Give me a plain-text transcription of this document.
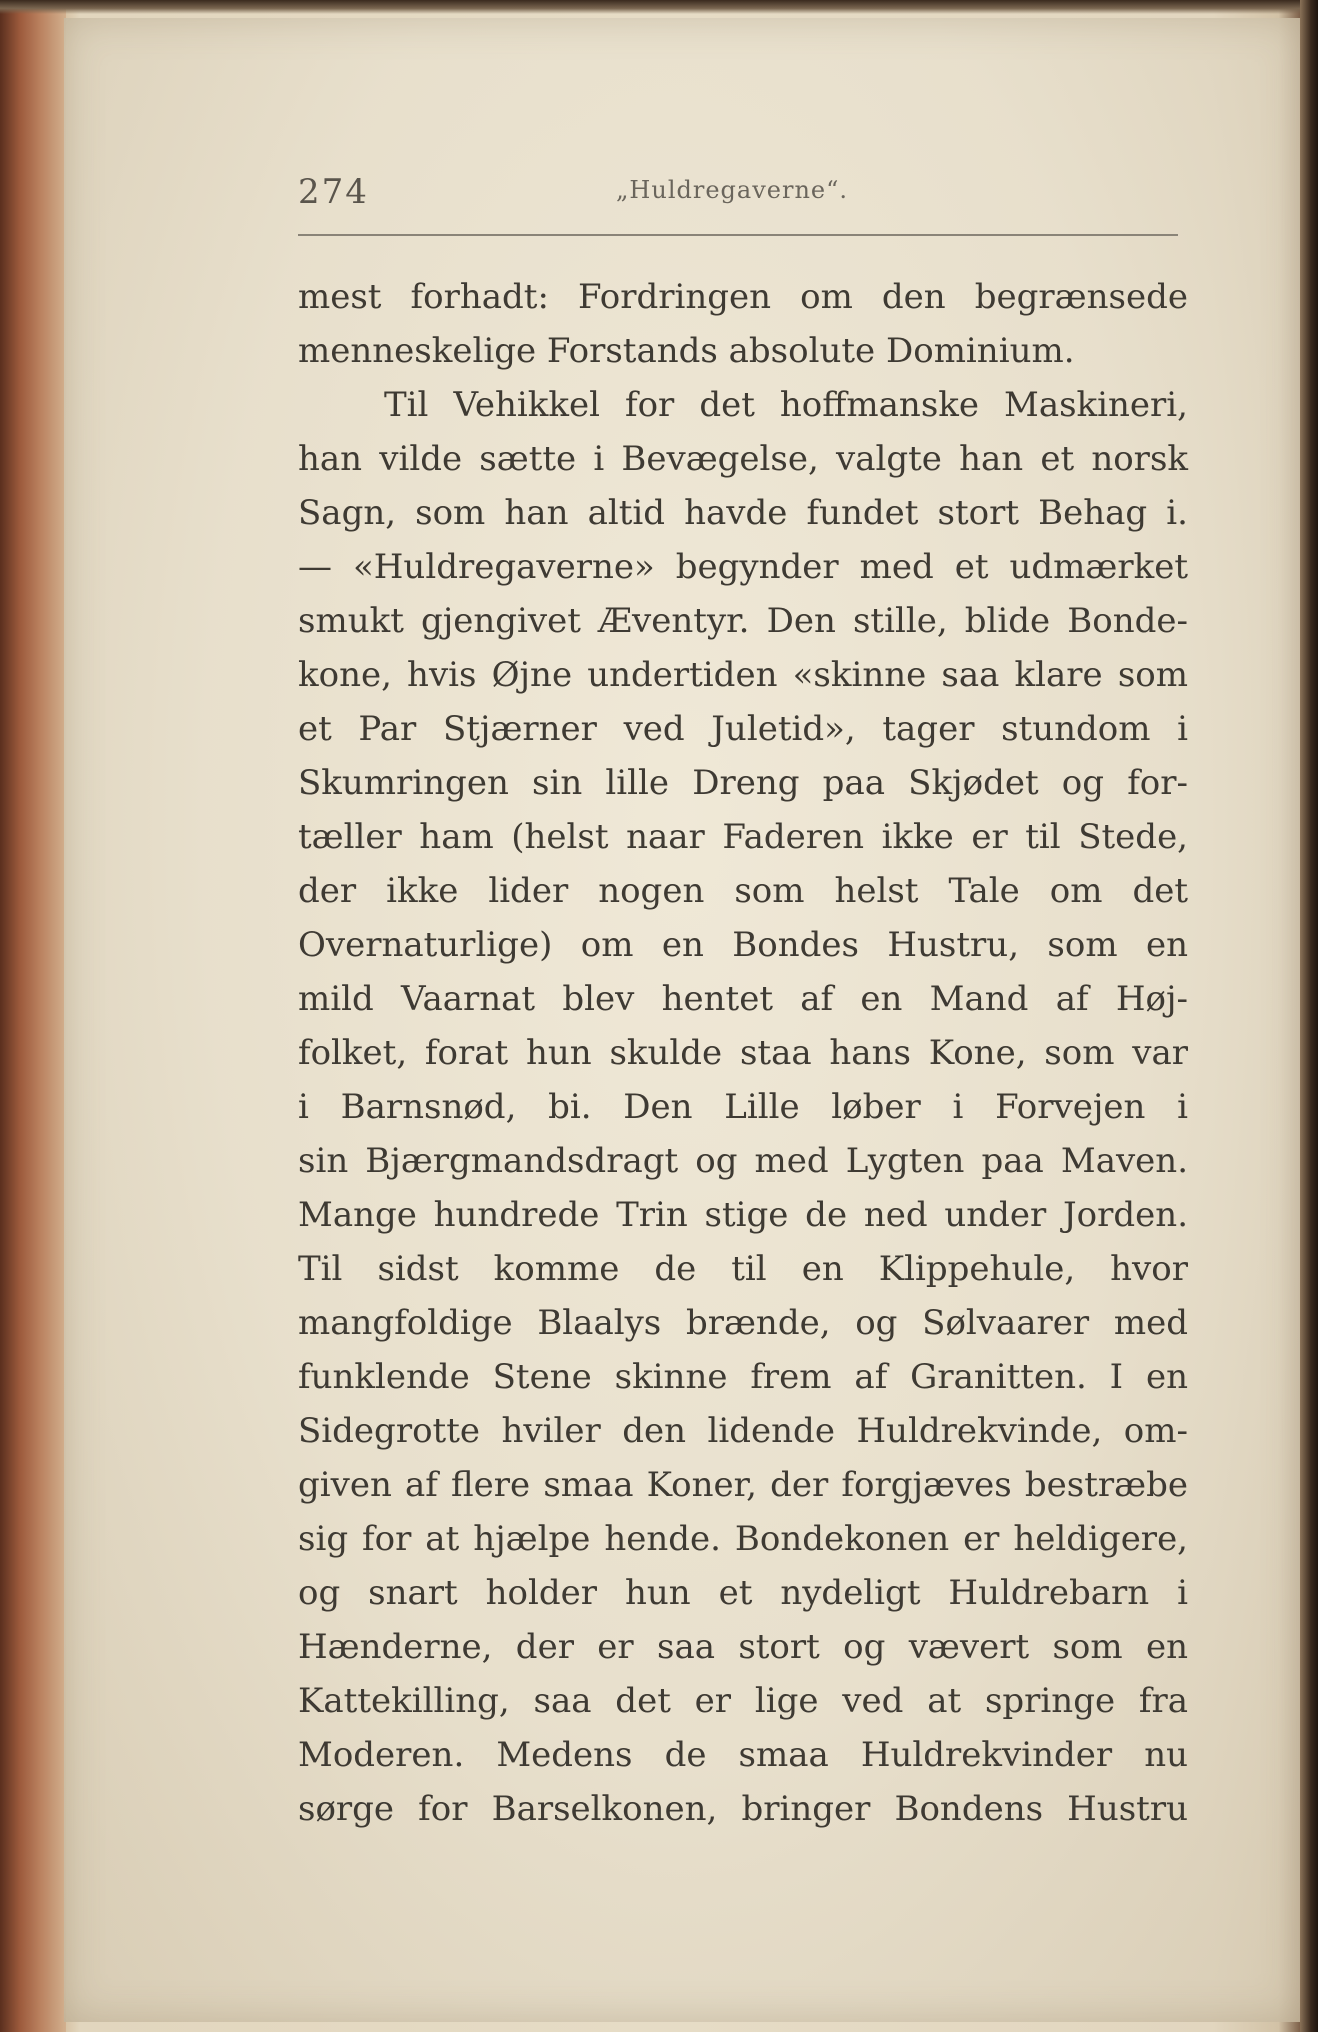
274	„Huldregaverne“.
mest forhadt: Fordringen om den begrænsede
menneskelige Forstands absolute Dominium.
Til Vehikkel for det hoffmanske Maskineri,
han vilde sætte i Bevægelse, valgte han et norsk
Sagn, som han altid havde fundet stort Behag i.
— «Huldregaverne» begynder med et udmærket
smukt gjengivet Æventyr. Den stille, blide Bonde-
kone, hvis Øjne undertiden «skinne saa klare som
et Par Stjærner ved Juletid», tager stundom i
Skumringen sin lille Dreng paa Skjødet og for-
tæller ham (helst naar Faderen ikke er til Stede,
der ikke lider nogen som helst Tale om det
Overnaturlige) om en Bondes Hustru, som en
mild Vaarnat blev hentet af en Mand af Høj-
folket, forat hun skulde staa hans Kone, som var
i Barnsnød, bi. Den Lille løber i Forvejen i
sin Bjærgmandsdragt og med Lygten paa Maven.
Mange hundrede Trin stige de ned under Jorden.
Til sidst komme de til en Klippehule, hvor
mangfoldige Blaalys brænde, og Sølvaarer med
funklende Stene skinne frem af Granitten. I en
Sidegrotte hviler den lidende Huldrekvinde, om-
given af flere smaa Koner, der forgjæves bestræbe
sig for at hjælpe hende. Bondekonen er heldigere,
og snart holder hun et nydeligt Huldrebarn i
Hænderne, der er saa stort og vævert som en
Kattekilling, saa det er lige ved at springe fra
Moderen. Medens de smaa Huldrekvinder nu
sørge for Barselkonen, bringer Bondens Hustru
